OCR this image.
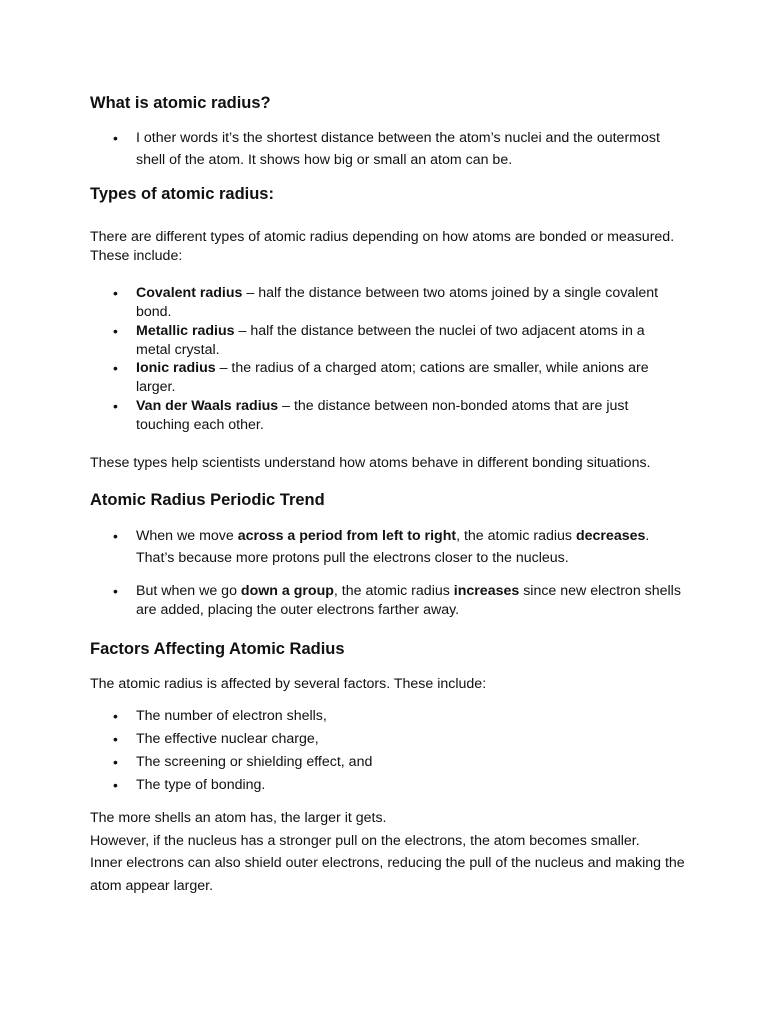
What is atomic radius?
• I other words it’s the shortest distance between the atom’s nuclei and the outermost shell of the atom. It shows how big or small an atom can be.
Types of atomic radius:

There are different types of atomic radius depending on how atoms are bonded or measured. These include:

• Covalent radius – half the distance between two atoms joined by a single covalent bond.
• Metallic radius – half the distance between the nuclei of two adjacent atoms in a metal crystal.
• Ionic radius – the radius of a charged atom; cations are smaller, while anions are larger.
• Van der Waals radius – the distance between non-bonded atoms that are just touching each other.

These types help scientists understand how atoms behave in different bonding situations.

Atomic Radius Periodic Trend
• When we move across a period from left to right, the atomic radius decreases. That’s because more protons pull the electrons closer to the nucleus.
• But when we go down a group, the atomic radius increases since new electron shells are added, placing the outer electrons farther away.
Factors Affecting Atomic Radius

The atomic radius is affected by several factors. These include:

• The number of electron shells,
• The effective nuclear charge,
• The screening or shielding effect, and
• The type of bonding.

The more shells an atom has, the larger it gets.
However, if the nucleus has a stronger pull on the electrons, the atom becomes smaller.
Inner electrons can also shield outer electrons, reducing the pull of the nucleus and making the atom appear larger.
